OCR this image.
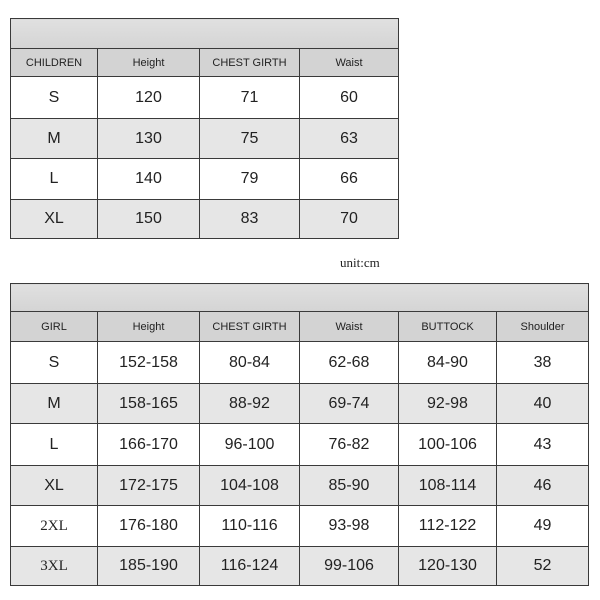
CHILDREN	Height	CHEST GIRTH	Waist
S	120	71	60
M	130	75	63
L	140	79	66
XL	150	83	70
unit:cm

GIRL	Height	CHEST GIRTH	Waist	BUTTOCK	Shoulder
S	152-158	80-84	62-68	84-90	38
M	158-165	88-92	69-74	92-98	40
L	166-170	96-100	76-82	100-106	43
XL	172-175	104-108	85-90	108-114	46
2XL	176-180	110-116	93-98	112-122	49
3XL	185-190	116-124	99-106	120-130	52
